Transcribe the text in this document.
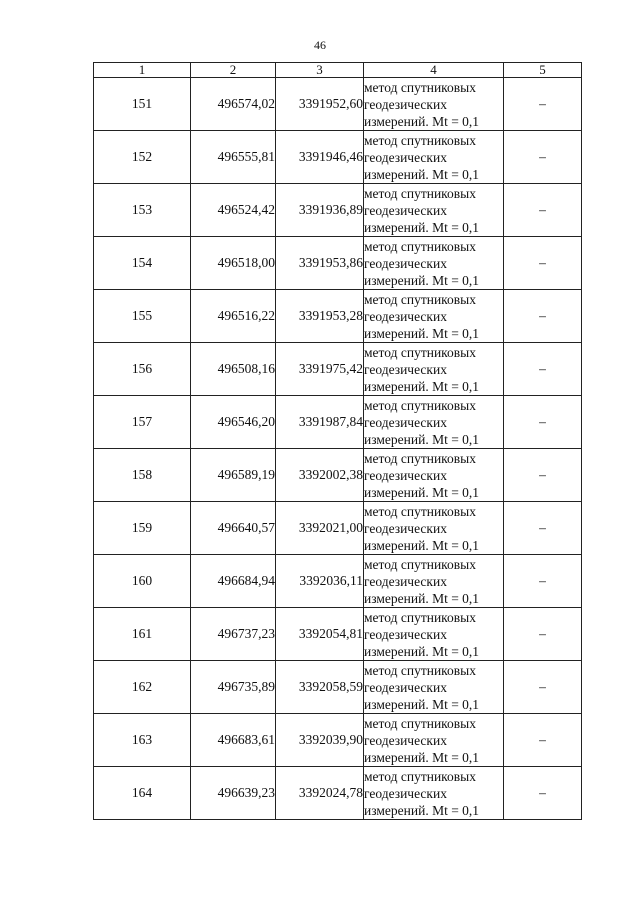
46
1	2	3	4	5
151	496574,02	3391952,60	метод спутниковых
геодезических
измерений. Mt = 0,1	–
152	496555,81	3391946,46	метод спутниковых
геодезических
измерений. Mt = 0,1	–
153	496524,42	3391936,89	метод спутниковых
геодезических
измерений. Mt = 0,1	–
154	496518,00	3391953,86	метод спутниковых
геодезических
измерений. Mt = 0,1	–
155	496516,22	3391953,28	метод спутниковых
геодезических
измерений. Mt = 0,1	–
156	496508,16	3391975,42	метод спутниковых
геодезических
измерений. Mt = 0,1	–
157	496546,20	3391987,84	метод спутниковых
геодезических
измерений. Mt = 0,1	–
158	496589,19	3392002,38	метод спутниковых
геодезических
измерений. Mt = 0,1	–
159	496640,57	3392021,00	метод спутниковых
геодезических
измерений. Mt = 0,1	–
160	496684,94	3392036,11	метод спутниковых
геодезических
измерений. Mt = 0,1	–
161	496737,23	3392054,81	метод спутниковых
геодезических
измерений. Mt = 0,1	–
162	496735,89	3392058,59	метод спутниковых
геодезических
измерений. Mt = 0,1	–
163	496683,61	3392039,90	метод спутниковых
геодезических
измерений. Mt = 0,1	–
164	496639,23	3392024,78	метод спутниковых
геодезических
измерений. Mt = 0,1	–
